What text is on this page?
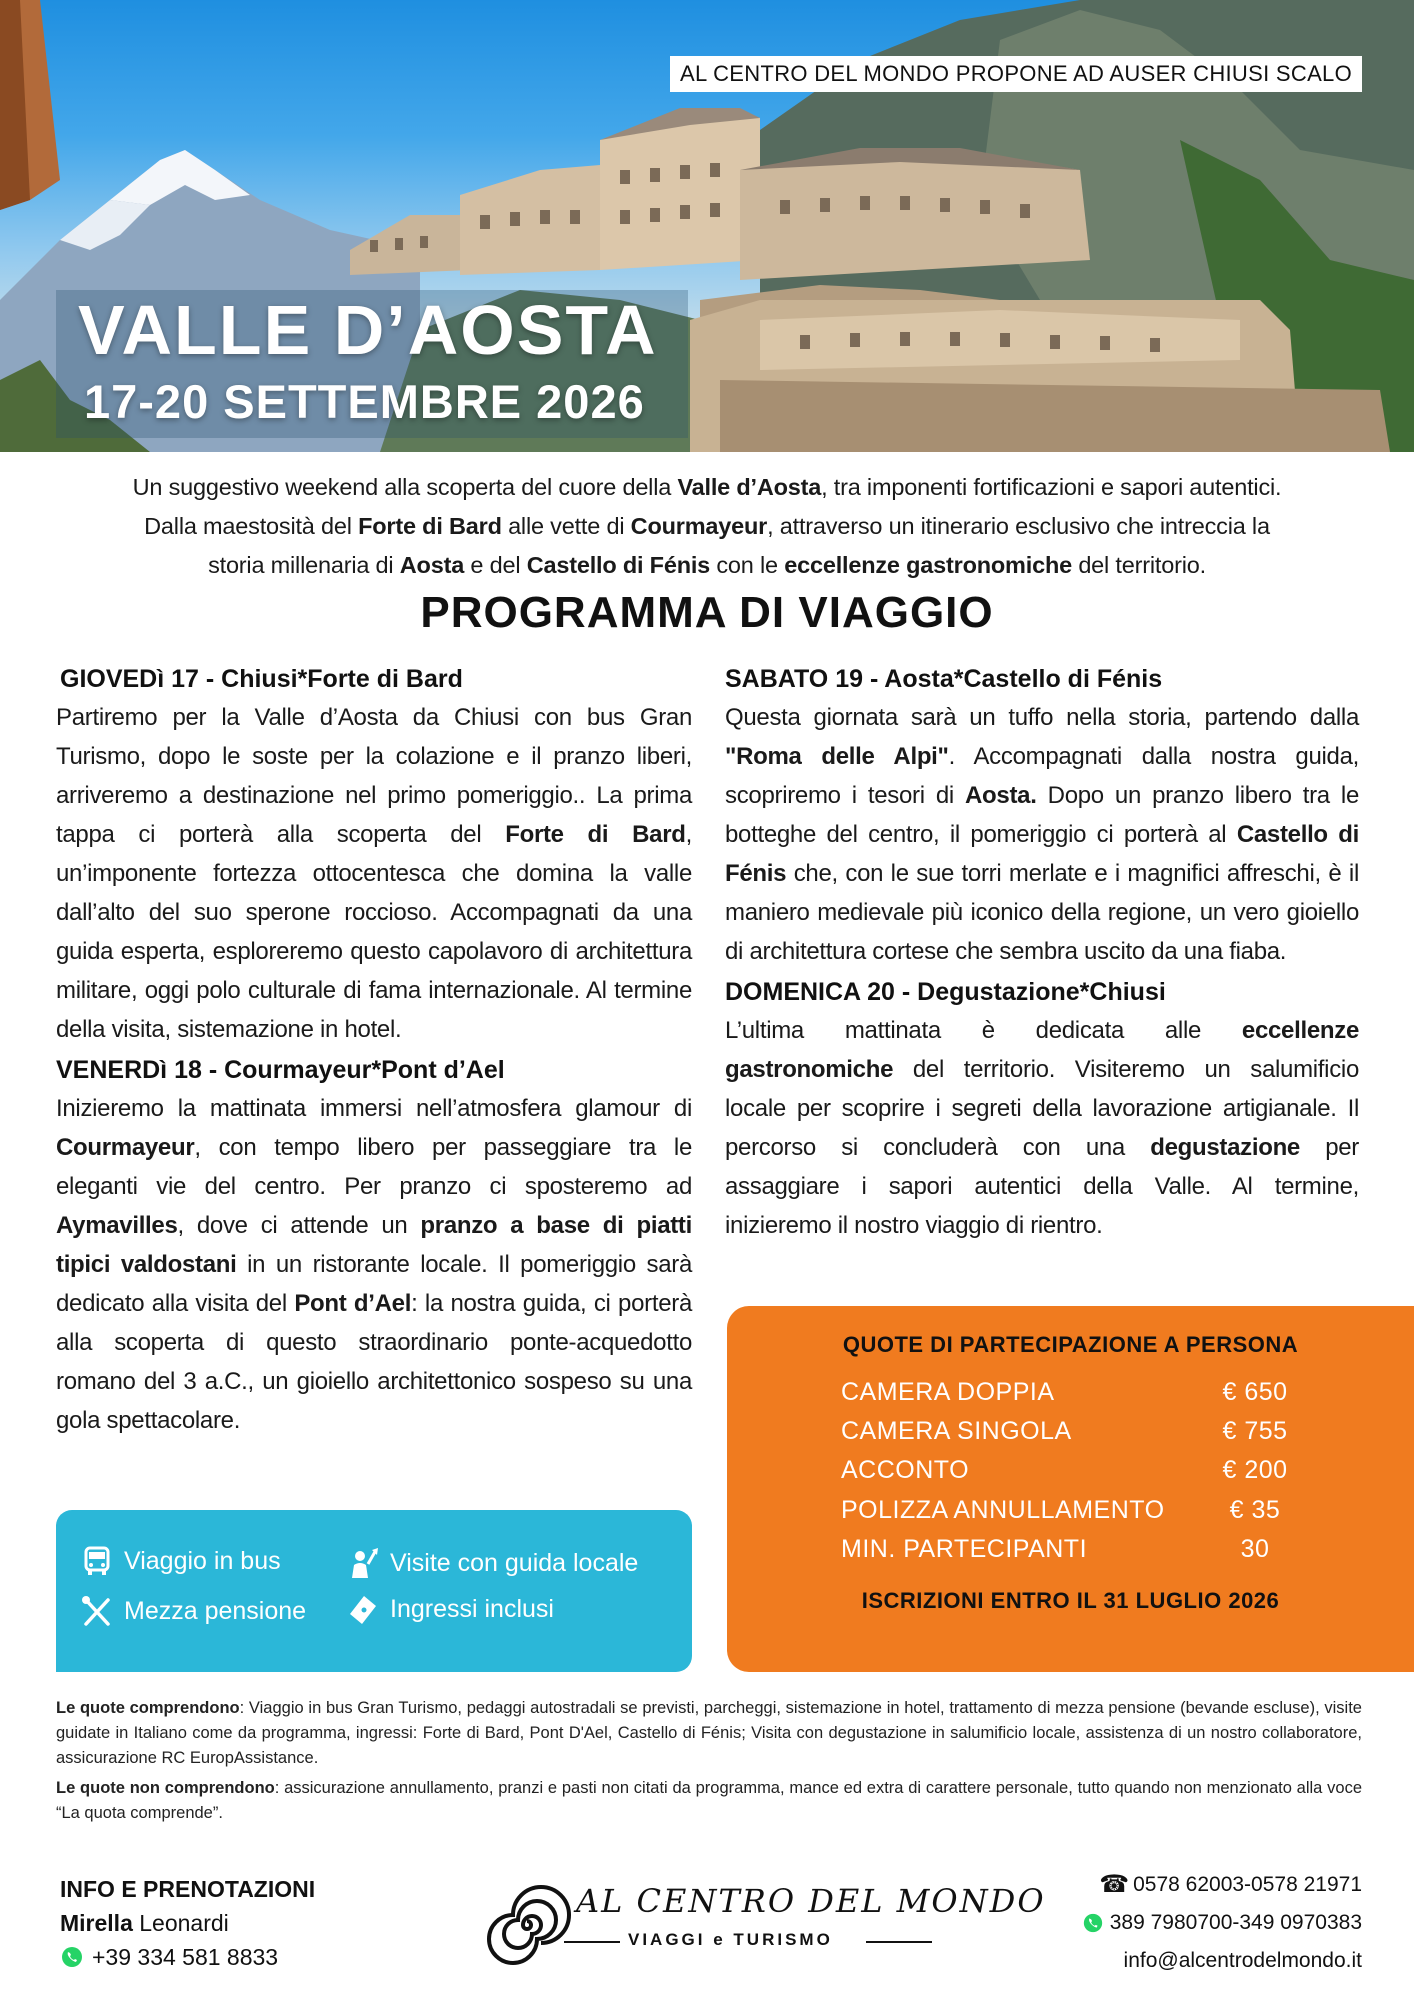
AL CENTRO DEL MONDO PROPONE AD AUSER CHIUSI SCALO
VALLE D’AOSTA
17-20 SETTEMBRE 2026
Un suggestivo weekend alla scoperta del cuore della Valle d’Aosta, tra imponenti fortificazioni e sapori autentici.
Dalla maestosità del Forte di Bard alle vette di Courmayeur, attraverso un itinerario esclusivo che intreccia la
storia millenaria di Aosta e del Castello di Fénis con le eccellenze gastronomiche del territorio.
PROGRAMMA DI VIAGGIO
GIOVEDì 17 - Chiusi*Forte di Bard

Partiremo per la Valle d’Aosta da Chiusi con bus Gran Turismo, dopo le soste per la colazione e il pranzo liberi, arriveremo a destinazione nel primo pomeriggio.. La prima tappa ci porterà alla scoperta del Forte di Bard, un’imponente fortezza ottocentesca che domina la valle dall’alto del suo sperone roccioso. Accompagnati da una guida esperta, esploreremo questo capolavoro di architettura militare, oggi polo culturale di fama internazionale. Al termine della visita, sistemazione in hotel.

VENERDì 18 - Courmayeur*Pont d’Ael

Inizieremo la mattinata immersi nell’atmosfera glamour di Courmayeur, con tempo libero per passeggiare tra le eleganti vie del centro. Per pranzo ci sposteremo ad Aymavilles, dove ci attende un pranzo a base di piatti tipici valdostani in un ristorante locale. Il pomeriggio sarà dedicato alla visita del Pont d’Ael: la nostra guida, ci porterà alla scoperta di questo straordinario ponte-acquedotto romano del 3 a.C., un gioiello architettonico sospeso su una gola spettacolare.

SABATO 19 - Aosta*Castello di Fénis

Questa giornata sarà un tuffo nella storia, partendo dalla "Roma delle Alpi". Accompagnati dalla nostra guida, scopriremo i tesori di Aosta. Dopo un pranzo libero tra le botteghe del centro, il pomeriggio ci porterà al Castello di Fénis che, con le sue torri merlate e i magnifici affreschi, è il maniero medievale più iconico della regione, un vero gioiello di architettura cortese che sembra uscito da una fiaba.

DOMENICA 20 - Degustazione*Chiusi

L’ultima mattinata è dedicata alle eccellenze gastronomiche del territorio. Visiteremo un salumificio locale per scoprire i segreti della lavorazione artigianale. Il percorso si concluderà con una degustazione per assaggiare i sapori autentici della Valle. Al termine, inizieremo il nostro viaggio di rientro.

Viaggio in bus	Visite con guida locale
Mezza pensione	Ingressi inclusi
QUOTE DI PARTECIPAZIONE A PERSONA
CAMERA DOPPIA	€ 650
CAMERA SINGOLA	€ 755
ACCONTO	€ 200
POLIZZA ANNULLAMENTO	€ 35
MIN. PARTECIPANTI	30
ISCRIZIONI ENTRO IL 31 LUGLIO 2026
Le quote comprendono: Viaggio in bus Gran Turismo, pedaggi autostradali se previsti, parcheggi, sistemazione in hotel, trattamento di mezza pensione (bevande escluse), visite guidate in Italiano come da programma, ingressi: Forte di Bard, Pont D'Ael, Castello di Fénis; Visita con degustazione in salumificio locale, assistenza di un nostro collaboratore, assicurazione RC EuropAssistance.
Le quote non comprendono: assicurazione annullamento, pranzi e pasti non citati da programma, mance ed extra di carattere personale, tutto quando non menzionato alla voce “La quota comprende”.
INFO E PRENOTAZIONI
Mirella Leonardi
+39 334 581 8833
AL CENTRO DEL MONDO
VIAGGI e TURISMO
☎ 0578 62003-0578 21971
389 7980700-349 0970383
info@alcentrodelmondo.it
